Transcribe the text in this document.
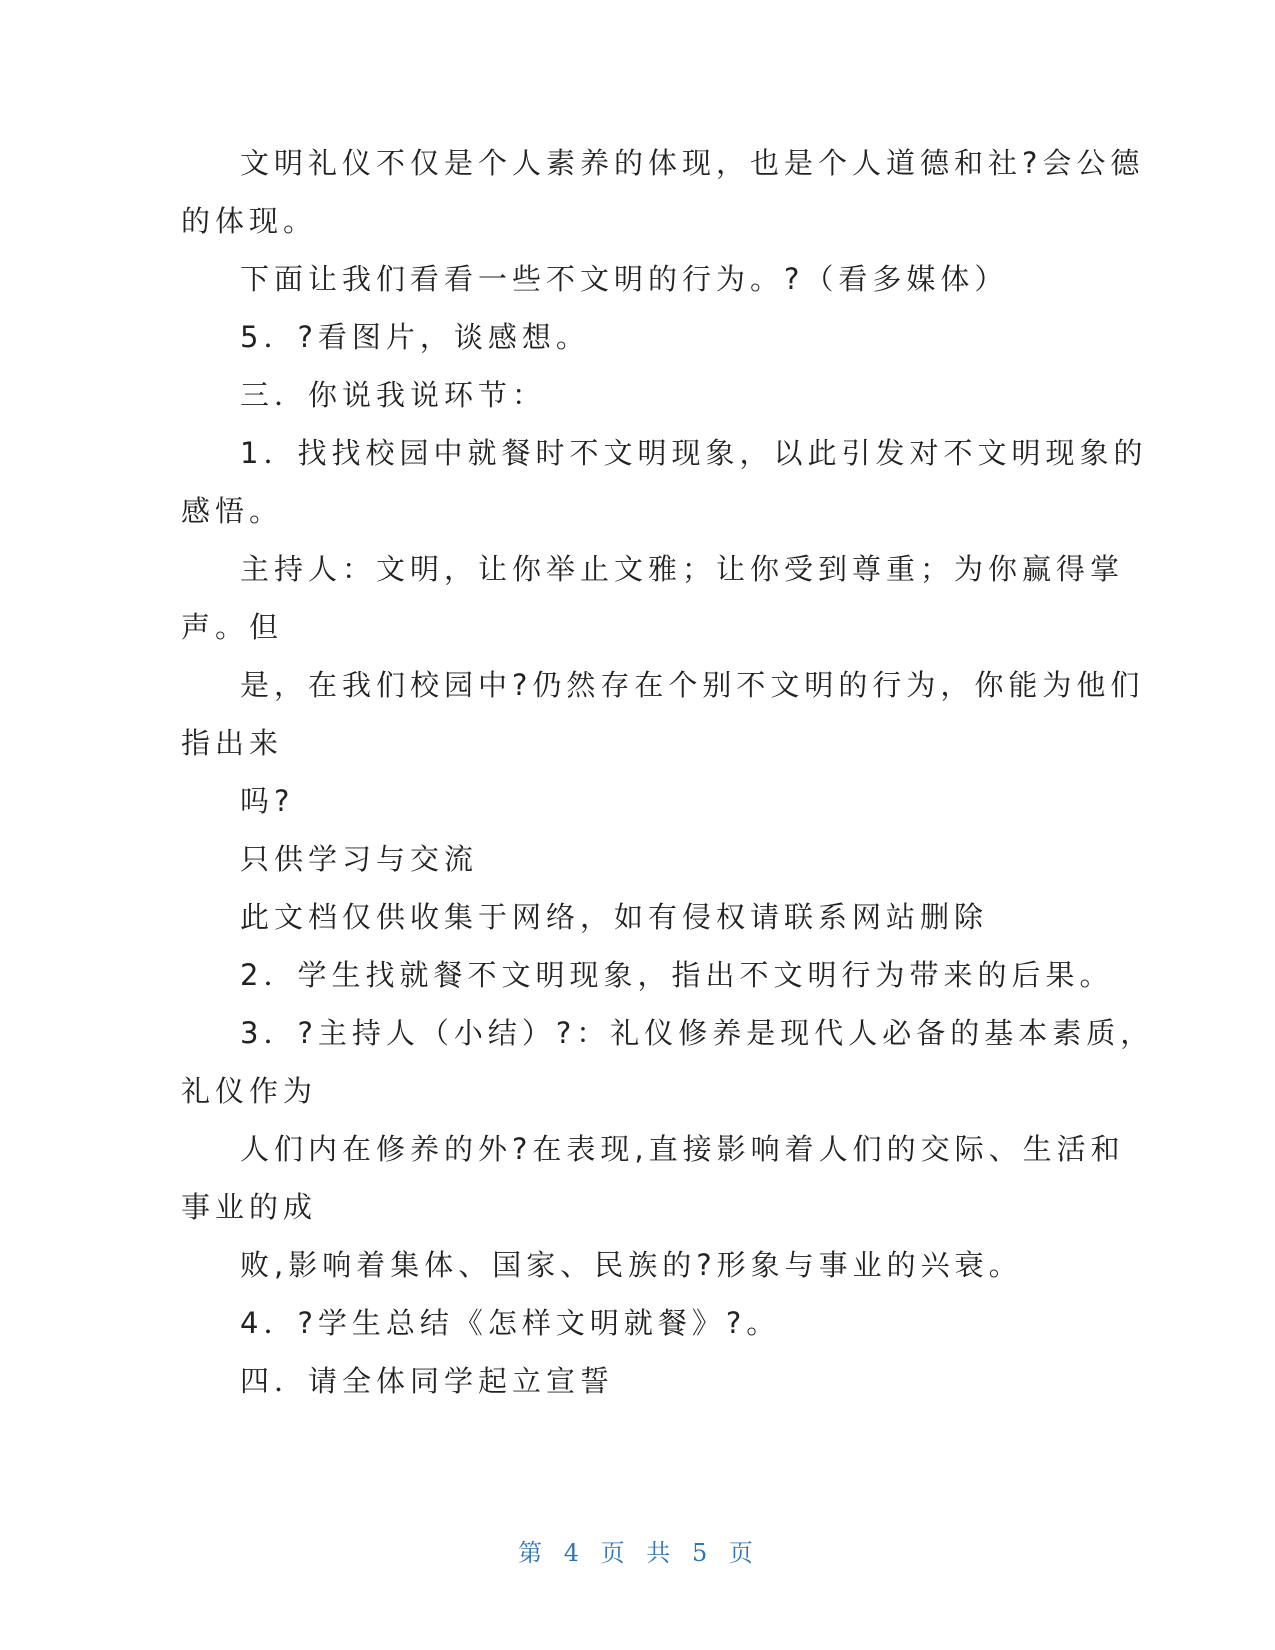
文明礼仪不仅是个人素养的体现，也是个人道德和社?会公德
的体现。
下面让我们看看一些不文明的行为。?（看多媒体）
5．?看图片，谈感想。
三．你说我说环节：
1．找找校园中就餐时不文明现象，以此引发对不文明现象的
感悟。
主持人：文明，让你举止文雅；让你受到尊重；为你赢得掌
声。但
是，在我们校园中?仍然存在个别不文明的行为，你能为他们
指出来
吗?
只供学习与交流
此文档仅供收集于网络，如有侵权请联系网站删除
2．学生找就餐不文明现象，指出不文明行为带来的后果。
3．?主持人（小结）?：礼仪修养是现代人必备的基本素质，
礼仪作为
人们内在修养的外?在表现,直接影响着人们的交际、生活和
事业的成
败,影响着集体、国家、民族的?形象与事业的兴衰。
4．?学生总结《怎样文明就餐》?。
四．请全体同学起立宣誓
第 4 页 共 5 页
